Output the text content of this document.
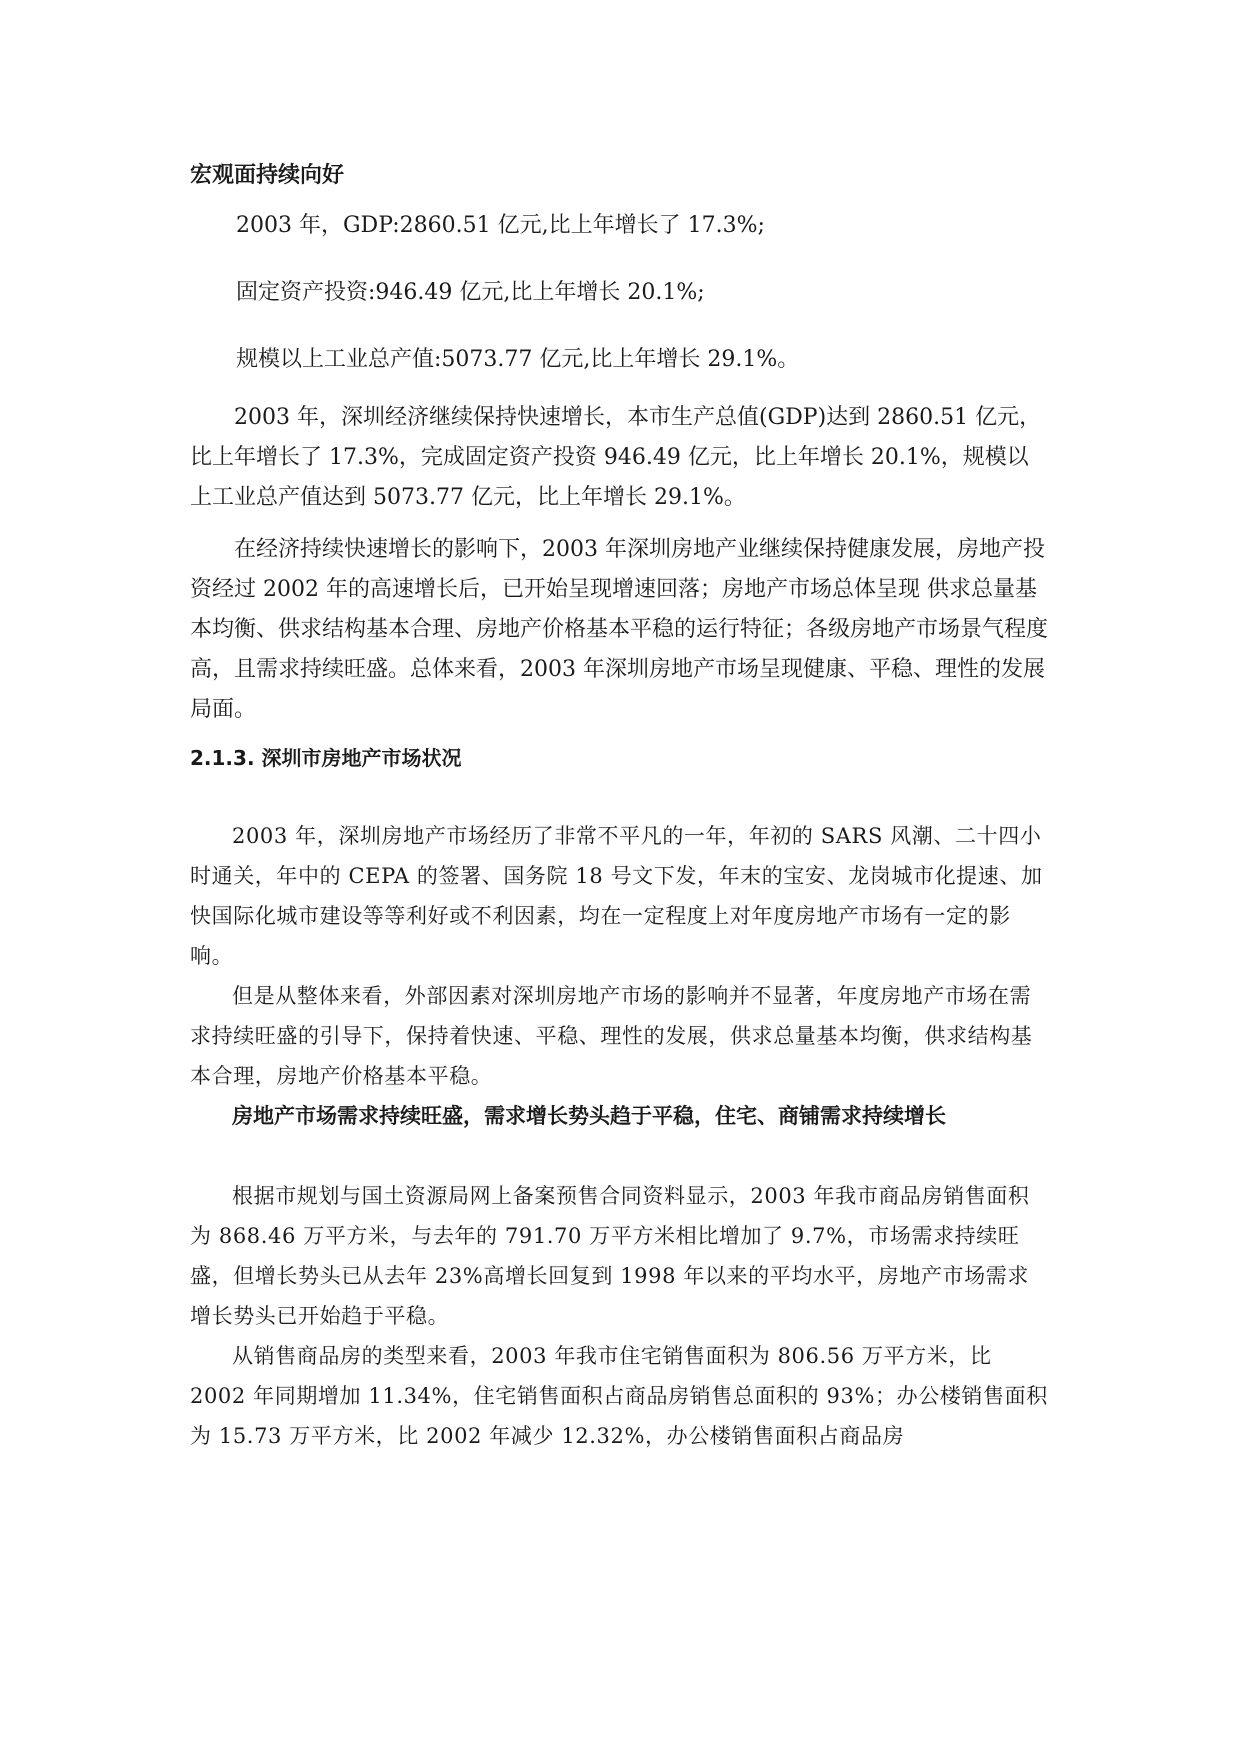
宏观面持续向好

2003 年，GDP:2860.51 亿元,比上年增长了 17.3%;

固定资产投资:946.49 亿元,比上年增长 20.1%;

规模以上工业总产值:5073.77 亿元,比上年增长 29.1%。

2003 年，深圳经济继续保持快速增长，本市生产总值(GDP)达到 2860.51 亿元，比上年增长了 17.3%，完成固定资产投资 946.49 亿元，比上年增长 20.1%，规模以上工业总产值达到 5073.77 亿元，比上年增长 29.1%。

在经济持续快速增长的影响下，2003 年深圳房地产业继续保持健康发展，房地产投资经过 2002 年的高速增长后，已开始呈现增速回落；房地产市场总体呈现 供求总量基本均衡、供求结构基本合理、房地产价格基本平稳的运行特征；各级房地产市场景气程度高，且需求持续旺盛。总体来看，2003 年深圳房地产市场呈现健康、平稳、理性的发展局面。

2.1.3. 深圳市房地产市场状况

2003 年，深圳房地产市场经历了非常不平凡的一年，年初的 SARS 风潮、二十四小时通关，年中的 CEPA 的签署、国务院 18 号文下发，年末的宝安、龙岗城市化提速、加快国际化城市建设等等利好或不利因素，均在一定程度上对年度房地产市场有一定的影响。

但是从整体来看，外部因素对深圳房地产市场的影响并不显著，年度房地产市场在需求持续旺盛的引导下，保持着快速、平稳、理性的发展，供求总量基本均衡，供求结构基本合理，房地产价格基本平稳。

房地产市场需求持续旺盛，需求增长势头趋于平稳，住宅、商铺需求持续增长

根据市规划与国土资源局网上备案预售合同资料显示，2003 年我市商品房销售面积为 868.46 万平方米，与去年的 791.70 万平方米相比增加了 9.7%，市场需求持续旺盛，但增长势头已从去年 23%高增长回复到 1998 年以来的平均水平，房地产市场需求增长势头已开始趋于平稳。

从销售商品房的类型来看，2003 年我市住宅销售面积为 806.56 万平方米，比 2002 年同期增加 11.34%，住宅销售面积占商品房销售总面积的 93%；办公楼销售面积为 15.73 万平方米，比 2002 年减少 12.32%，办公楼销售面积占商品房
